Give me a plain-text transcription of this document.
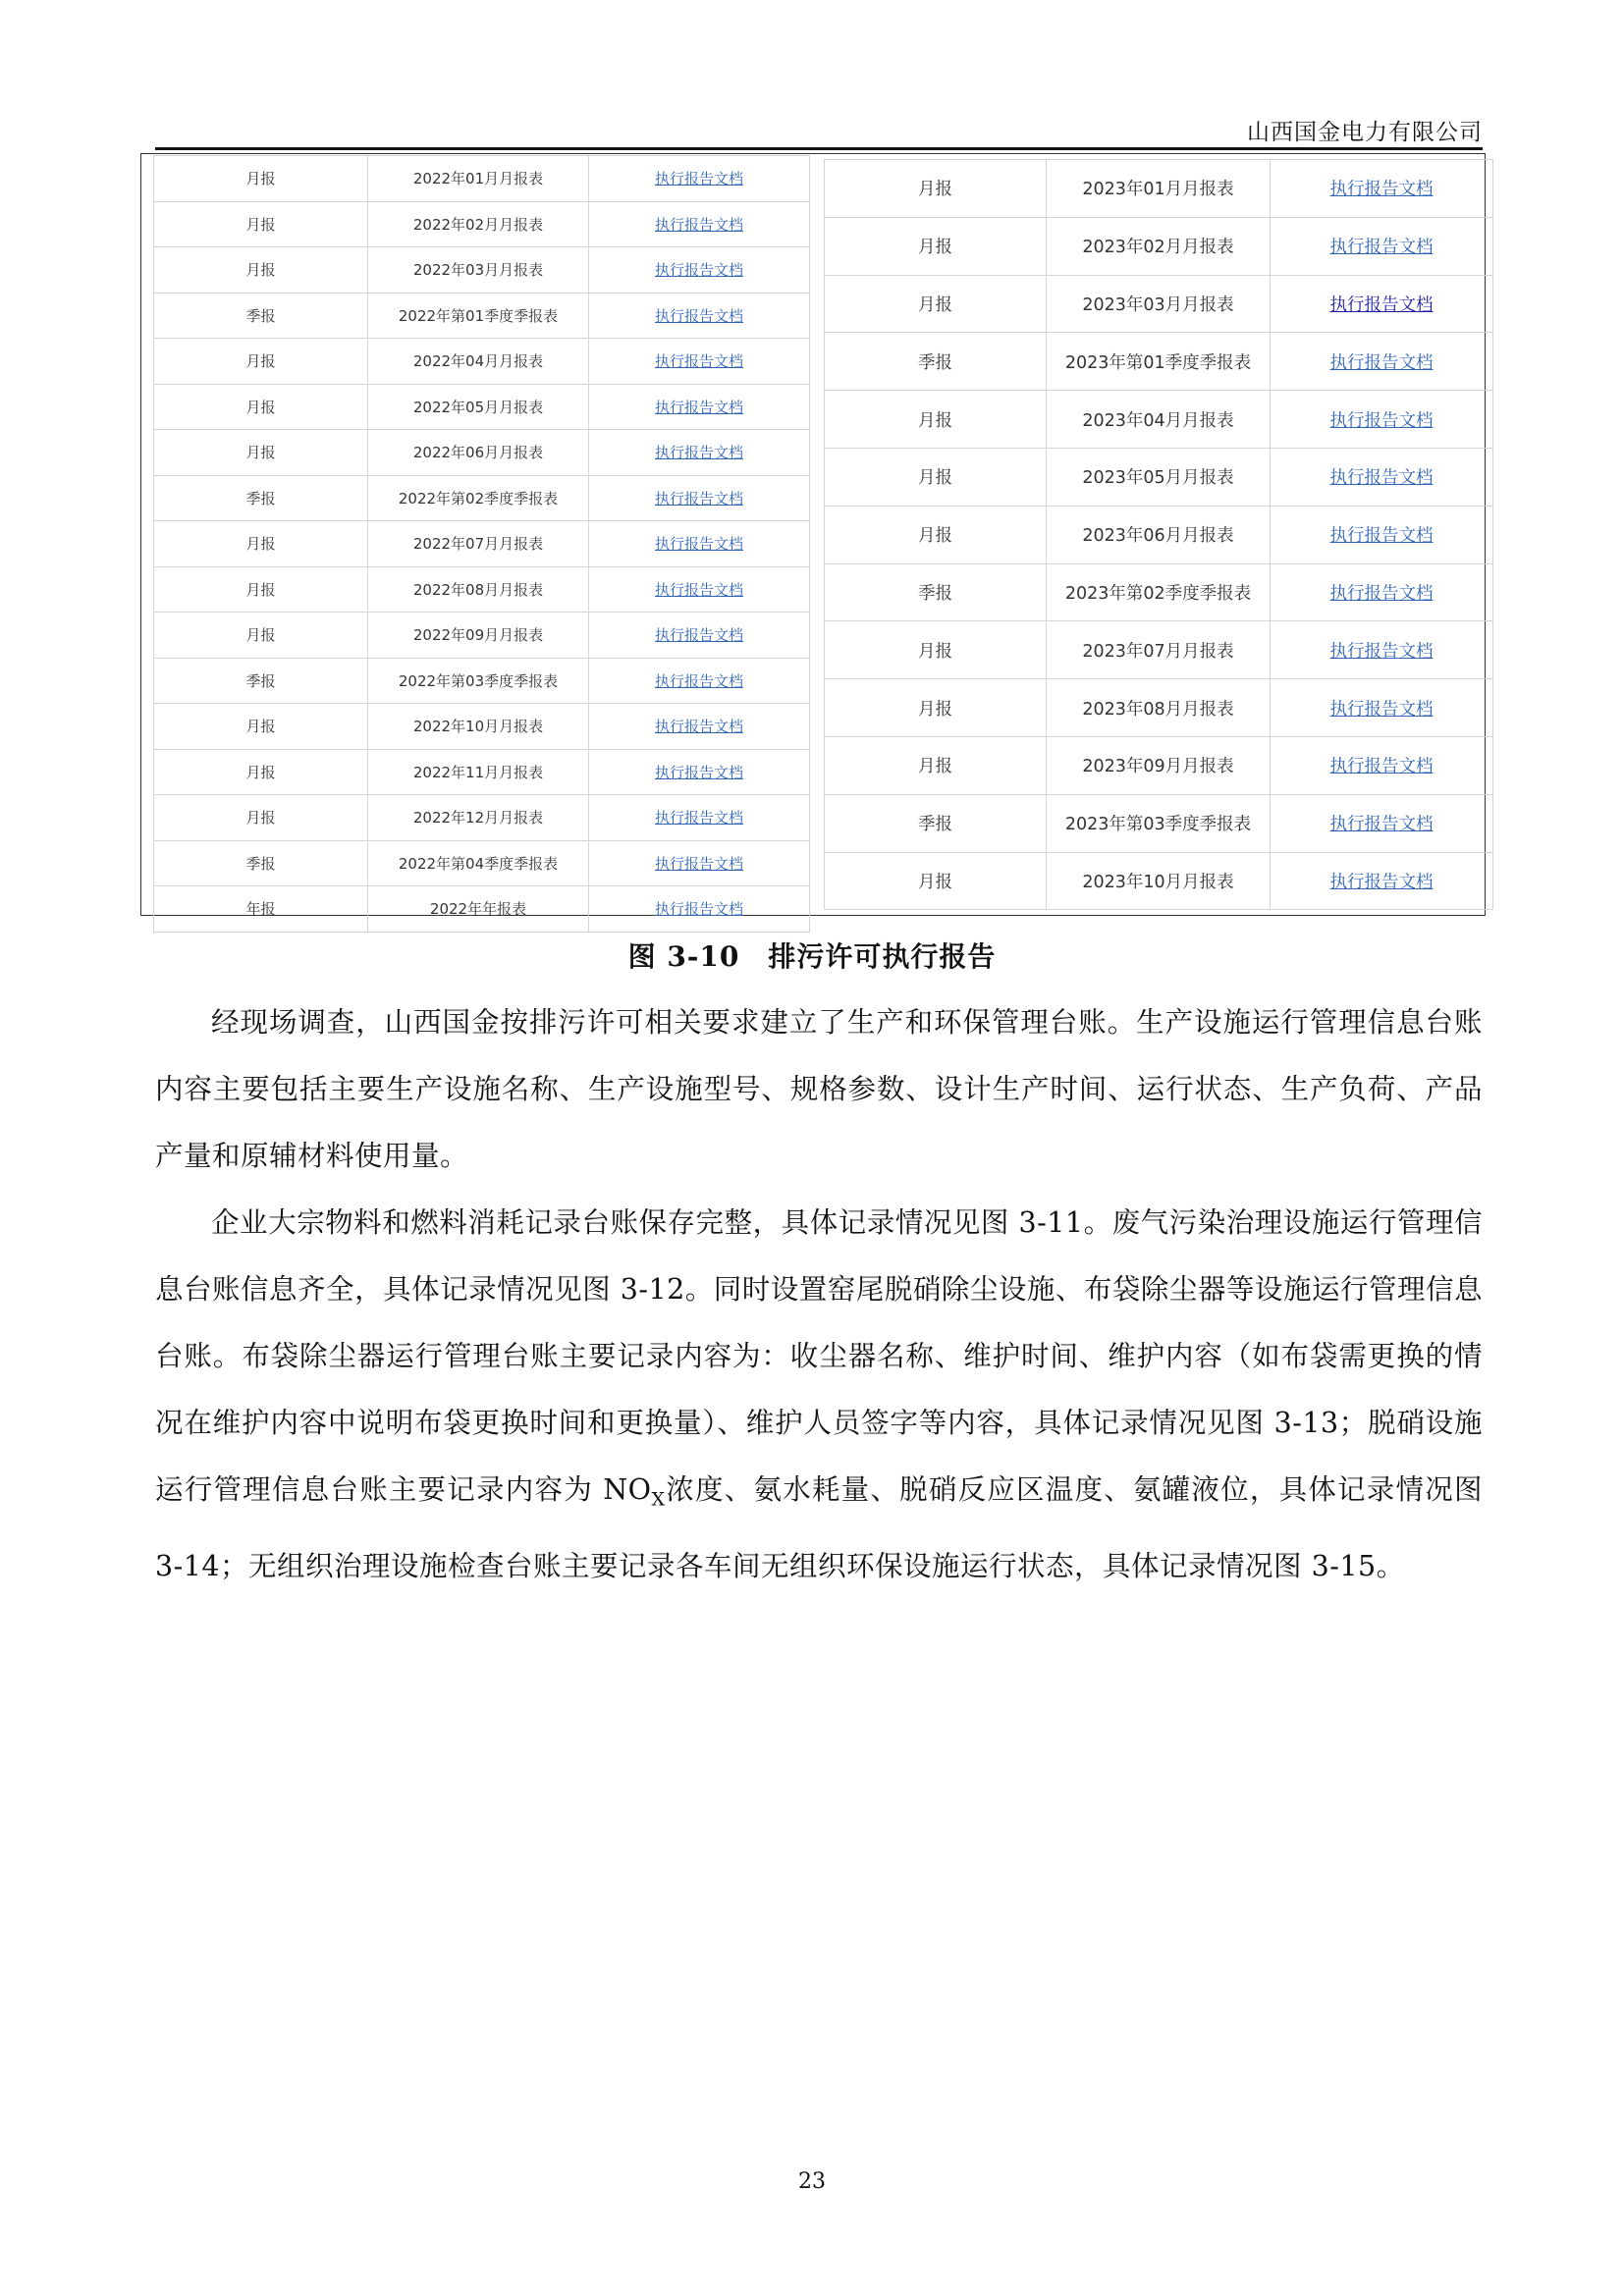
山西国金电力有限公司
月报	2022年01月月报表	执行报告文档
月报	2022年02月月报表	执行报告文档
月报	2022年03月月报表	执行报告文档
季报	2022年第01季度季报表	执行报告文档
月报	2022年04月月报表	执行报告文档
月报	2022年05月月报表	执行报告文档
月报	2022年06月月报表	执行报告文档
季报	2022年第02季度季报表	执行报告文档
月报	2022年07月月报表	执行报告文档
月报	2022年08月月报表	执行报告文档
月报	2022年09月月报表	执行报告文档
季报	2022年第03季度季报表	执行报告文档
月报	2022年10月月报表	执行报告文档
月报	2022年11月月报表	执行报告文档
月报	2022年12月月报表	执行报告文档
季报	2022年第04季度季报表	执行报告文档
年报	2022年年报表	执行报告文档
月报	2023年01月月报表	执行报告文档
月报	2023年02月月报表	执行报告文档
月报	2023年03月月报表	执行报告文档
季报	2023年第01季度季报表	执行报告文档
月报	2023年04月月报表	执行报告文档
月报	2023年05月月报表	执行报告文档
月报	2023年06月月报表	执行报告文档
季报	2023年第02季度季报表	执行报告文档
月报	2023年07月月报表	执行报告文档
月报	2023年08月月报表	执行报告文档
月报	2023年09月月报表	执行报告文档
季报	2023年第03季度季报表	执行报告文档
月报	2023年10月月报表	执行报告文档
图 3-10　排污许可执行报告

经现场调查，山西国金按排污许可相关要求建立了生产和环保管理台账。生产设施运行管理信息台账内容主要包括主要生产设施名称、生产设施型号、规格参数、设计生产时间、运行状态、生产负荷、产品产量和原辅材料使用量。

企业大宗物料和燃料消耗记录台账保存完整，具体记录情况见图 3-11。废气污染治理设施运行管理信息台账信息齐全，具体记录情况见图 3-12。同时设置窑尾脱硝除尘设施、布袋除尘器等设施运行管理信息台账。布袋除尘器运行管理台账主要记录内容为：收尘器名称、维护时间、维护内容（如布袋需更换的情况在维护内容中说明布袋更换时间和更换量）、维护人员签字等内容，具体记录情况见图 3-13；脱硝设施运行管理信息台账主要记录内容为 $NO_X$浓度、氨水耗量、脱硝反应区温度、氨罐液位，具体记录情况图 3-14；无组织治理设施检查台账主要记录各车间无组织环保设施运行状态，具体记录情况图 3-15。

23
